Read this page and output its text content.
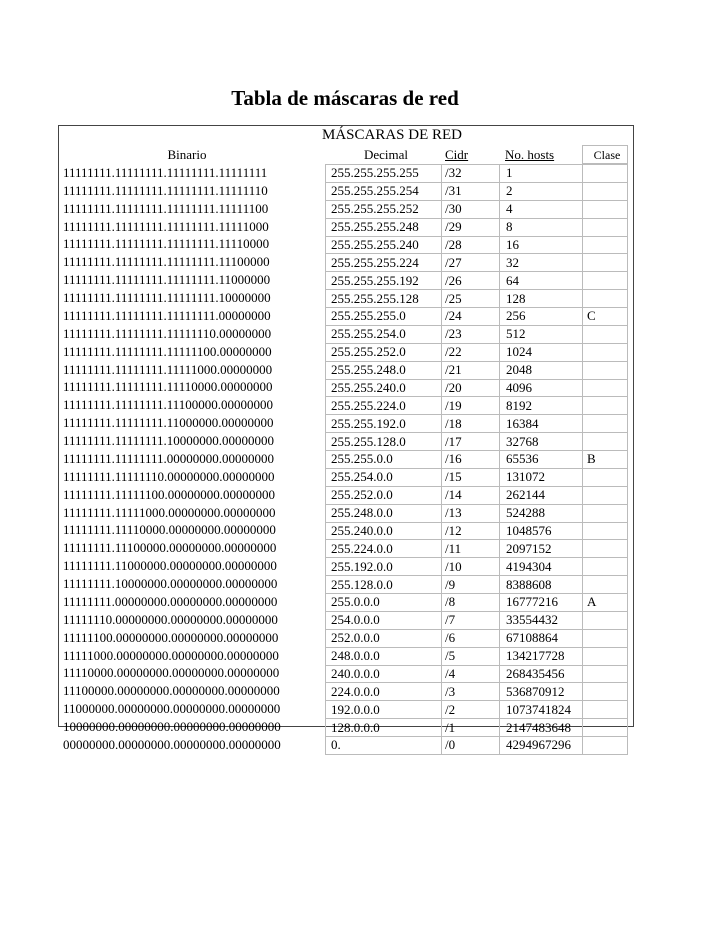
Tabla de máscaras de red
MÁSCARAS DE RED
Binario		Decimal	Cidr	No. hosts	Clase
11111111.11111111.11111111.11111111		255.255.255.255	/32	1	
11111111.11111111.11111111.11111110		255.255.255.254	/31	2	
11111111.11111111.11111111.11111100		255.255.255.252	/30	4	
11111111.11111111.11111111.11111000		255.255.255.248	/29	8	
11111111.11111111.11111111.11110000		255.255.255.240	/28	16	
11111111.11111111.11111111.11100000		255.255.255.224	/27	32	
11111111.11111111.11111111.11000000		255.255.255.192	/26	64	
11111111.11111111.11111111.10000000		255.255.255.128	/25	128	
11111111.11111111.11111111.00000000		255.255.255.0	/24	256	C
11111111.11111111.11111110.00000000		255.255.254.0	/23	512	
11111111.11111111.11111100.00000000		255.255.252.0	/22	1024	
11111111.11111111.11111000.00000000		255.255.248.0	/21	2048	
11111111.11111111.11110000.00000000		255.255.240.0	/20	4096	
11111111.11111111.11100000.00000000		255.255.224.0	/19	8192	
11111111.11111111.11000000.00000000		255.255.192.0	/18	16384	
11111111.11111111.10000000.00000000		255.255.128.0	/17	32768	
11111111.11111111.00000000.00000000		255.255.0.0	/16	65536	B
11111111.11111110.00000000.00000000		255.254.0.0	/15	131072	
11111111.11111100.00000000.00000000		255.252.0.0	/14	262144	
11111111.11111000.00000000.00000000		255.248.0.0	/13	524288	
11111111.11110000.00000000.00000000		255.240.0.0	/12	1048576	
11111111.11100000.00000000.00000000		255.224.0.0	/11	2097152	
11111111.11000000.00000000.00000000		255.192.0.0	/10	4194304	
11111111.10000000.00000000.00000000		255.128.0.0	/9	8388608	
11111111.00000000.00000000.00000000		255.0.0.0	/8	16777216	A
11111110.00000000.00000000.00000000		254.0.0.0	/7	33554432	
11111100.00000000.00000000.00000000		252.0.0.0	/6	67108864	
11111000.00000000.00000000.00000000		248.0.0.0	/5	134217728	
11110000.00000000.00000000.00000000		240.0.0.0	/4	268435456	
11100000.00000000.00000000.00000000		224.0.0.0	/3	536870912	
11000000.00000000.00000000.00000000		192.0.0.0	/2	1073741824	
10000000.00000000.00000000.00000000		128.0.0.0	/1	2147483648	
00000000.00000000.00000000.00000000		0.	/0	4294967296	
